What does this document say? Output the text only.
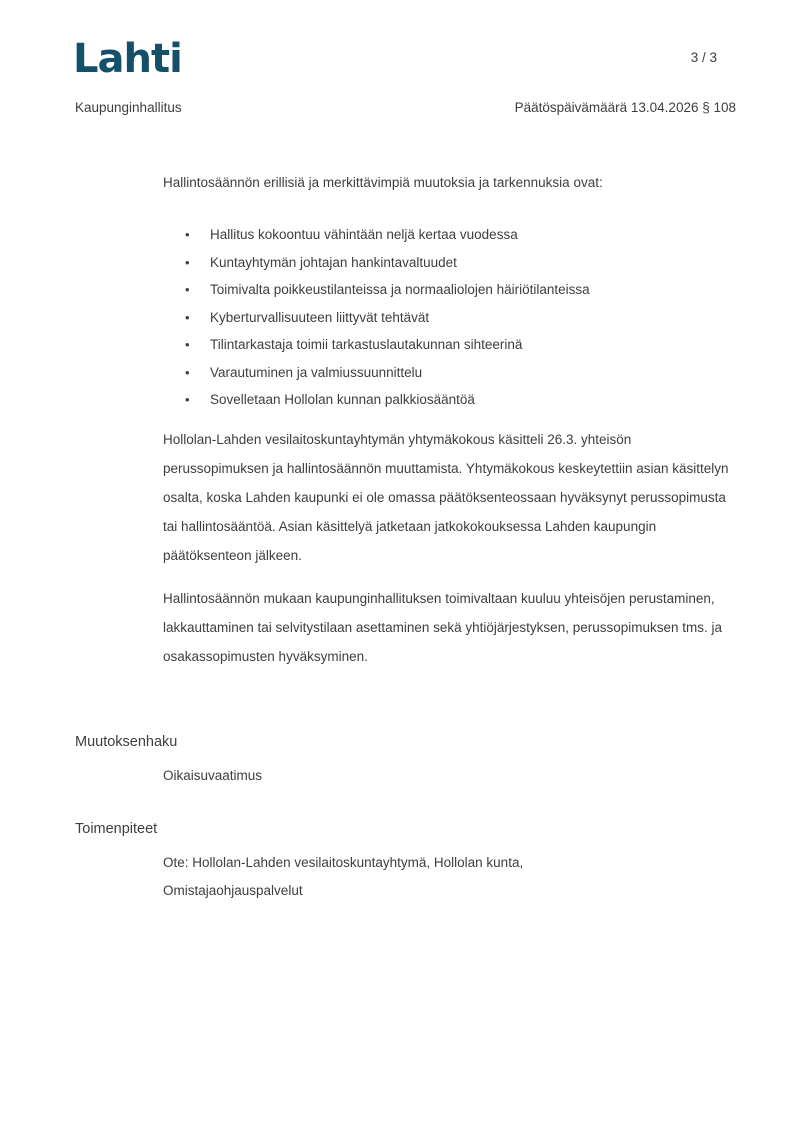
Lahti	3 / 3
Kaupunginhallitus	Päätöspäivämäärä 13.04.2026 § 108

Hallintosäännön erillisiä ja merkittävimpiä muutoksia ja tarkennuksia ovat:

•	Hallitus kokoontuu vähintään neljä kertaa vuodessa
•	Kuntayhtymän johtajan hankintavaltuudet
•	Toimivalta poikkeustilanteissa ja normaaliolojen häiriötilanteissa
•	Kyberturvallisuuteen liittyvät tehtävät
•	Tilintarkastaja toimii tarkastuslautakunnan sihteerinä
•	Varautuminen ja valmiussuunnittelu
•	Sovelletaan Hollolan kunnan palkkiosääntöä

Hollolan-Lahden vesilaitoskuntayhtymän yhtymäkokous käsitteli 26.3. yhteisön perussopimuksen ja hallintosäännön muuttamista. Yhtymäkokous keskeytettiin asian käsittelyn osalta, koska Lahden kaupunki ei ole omassa päätöksenteossaan hyväksynyt perussopimusta tai hallintosääntöä. Asian käsittelyä jatketaan jatkokokouksessa Lahden kaupungin päätöksenteon jälkeen.

Hallintosäännön mukaan kaupunginhallituksen toimivaltaan kuuluu yhteisöjen perustaminen, lakkauttaminen tai selvitystilaan asettaminen sekä yhtiöjärjestyksen, perussopimuksen tms. ja osakassopimusten hyväksyminen.

Muutoksenhaku

Oikaisuvaatimus

Toimenpiteet

Ote: Hollolan-Lahden vesilaitoskuntayhtymä, Hollolan kunta,

Omistajaohjauspalvelut
